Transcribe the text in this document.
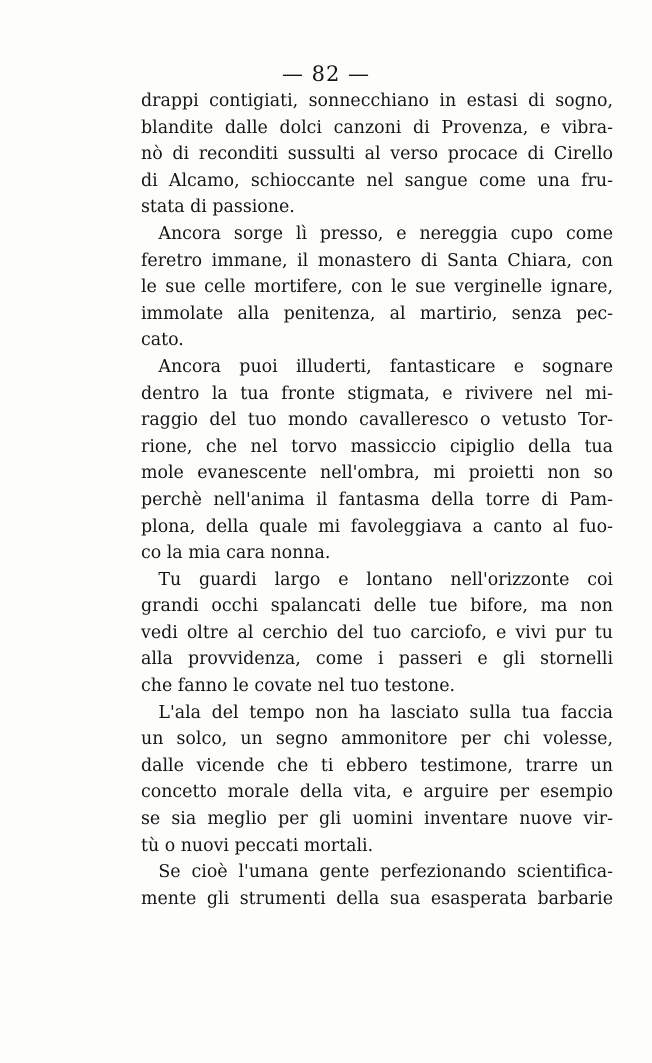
— 82 —
drappi contigiati, sonnecchiano in estasi di sogno,
blandite dalle dolci canzoni di Provenza, e vibra-
nò di reconditi sussulti al verso procace di Cirello
di Alcamo, schioccante nel sangue come una fru-
stata di passione.
 Ancora sorge lì presso, e nereggia cupo come
feretro immane, il monastero di Santa Chiara, con
le sue celle mortifere, con le sue verginelle ignare,
immolate alla penitenza, al martirio, senza pec-
cato.
 Ancora puoi illuderti, fantasticare e sognare
dentro la tua fronte stigmata, e rivivere nel mi-
raggio del tuo mondo cavalleresco o vetusto Tor-
rione, che nel torvo massiccio cipiglio della tua
mole evanescente nell'ombra, mi proietti non so
perchè nell'anima il fantasma della torre di Pam-
plona, della quale mi favoleggiava a canto al fuo-
co la mia cara nonna.
 Tu guardi largo e lontano nell'orizzonte coi
grandi occhi spalancati delle tue bifore, ma non
vedi oltre al cerchio del tuo carciofo, e vivi pur tu
alla provvidenza, come i passeri e gli stornelli
che fanno le covate nel tuo testone.
 L'ala del tempo non ha lasciato sulla tua faccia
un solco, un segno ammonitore per chi volesse,
dalle vicende che ti ebbero testimone, trarre un
concetto morale della vita, e arguire per esempio
se sia meglio per gli uomini inventare nuove vir-
tù o nuovi peccati mortali.
 Se cioè l'umana gente perfezionando scientifica-
mente gli strumenti della sua esasperata barbarie
